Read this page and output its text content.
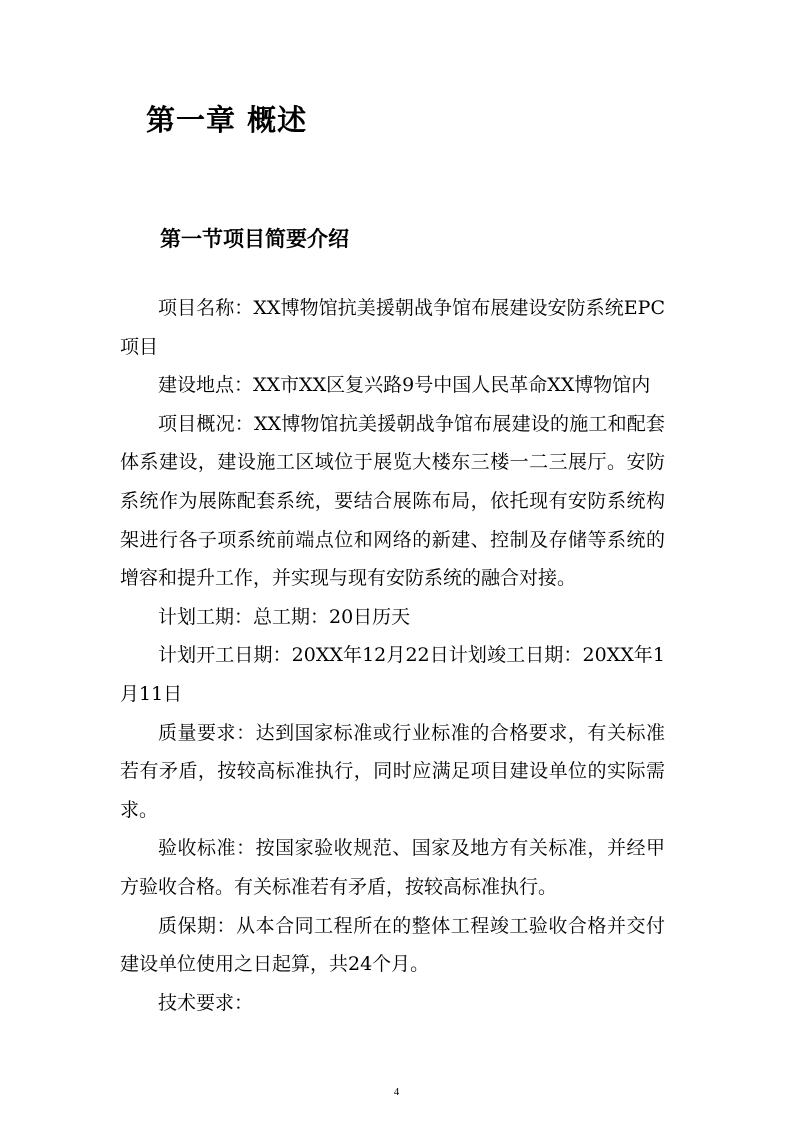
第一章 概述
第一节项目简要介绍

项目名称：XX博物馆抗美援朝战争馆布展建设安防系统EPC项目

建设地点：XX市XX区复兴路9号中国人民革命XX博物馆内

项目概况：XX博物馆抗美援朝战争馆布展建设的施工和配套体系建设，建设施工区域位于展览大楼东三楼一二三展厅。安防系统作为展陈配套系统，要结合展陈布局，依托现有安防系统构架进行各子项系统前端点位和网络的新建、控制及存储等系统的增容和提升工作，并实现与现有安防系统的融合对接。

计划工期：总工期：20日历天

计划开工日期：20XX年12月22日计划竣工日期：20XX年1月11日

质量要求：达到国家标准或行业标准的合格要求，有关标准若有矛盾，按较高标准执行，同时应满足项目建设单位的实际需求。

验收标准：按国家验收规范、国家及地方有关标准，并经甲方验收合格。有关标准若有矛盾，按较高标准执行。

质保期：从本合同工程所在的整体工程竣工验收合格并交付建设单位使用之日起算，共24个月。

技术要求：

4
